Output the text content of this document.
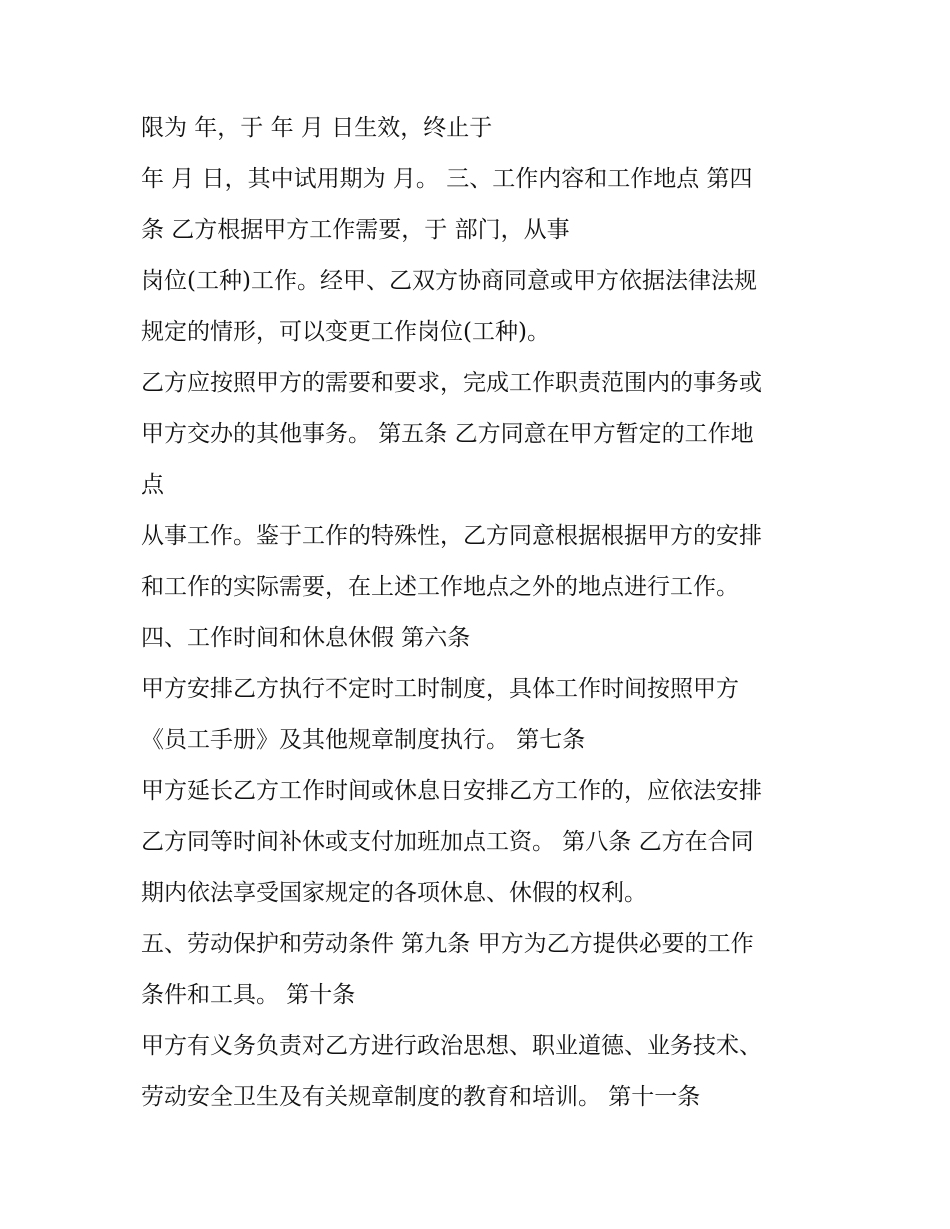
限为 年，于 年 月 日生效，终止于
年 月 日，其中试用期为 月。 三、工作内容和工作地点 第四
条 乙方根据甲方工作需要，于 部门，从事
岗位(工种)工作。经甲、乙双方协商同意或甲方依据法律法规
规定的情形，可以变更工作岗位(工种)。
乙方应按照甲方的需要和要求，完成工作职责范围内的事务或
甲方交办的其他事务。 第五条 乙方同意在甲方暂定的工作地
点
从事工作。鉴于工作的特殊性，乙方同意根据根据甲方的安排
和工作的实际需要，在上述工作地点之外的地点进行工作。
四、工作时间和休息休假 第六条
甲方安排乙方执行不定时工时制度，具体工作时间按照甲方
《员工手册》及其他规章制度执行。 第七条
甲方延长乙方工作时间或休息日安排乙方工作的，应依法安排
乙方同等时间补休或支付加班加点工资。 第八条 乙方在合同
期内依法享受国家规定的各项休息、休假的权利。
五、劳动保护和劳动条件 第九条 甲方为乙方提供必要的工作
条件和工具。 第十条
甲方有义务负责对乙方进行政治思想、职业道德、业务技术、
劳动安全卫生及有关规章制度的教育和培训。 第十一条
